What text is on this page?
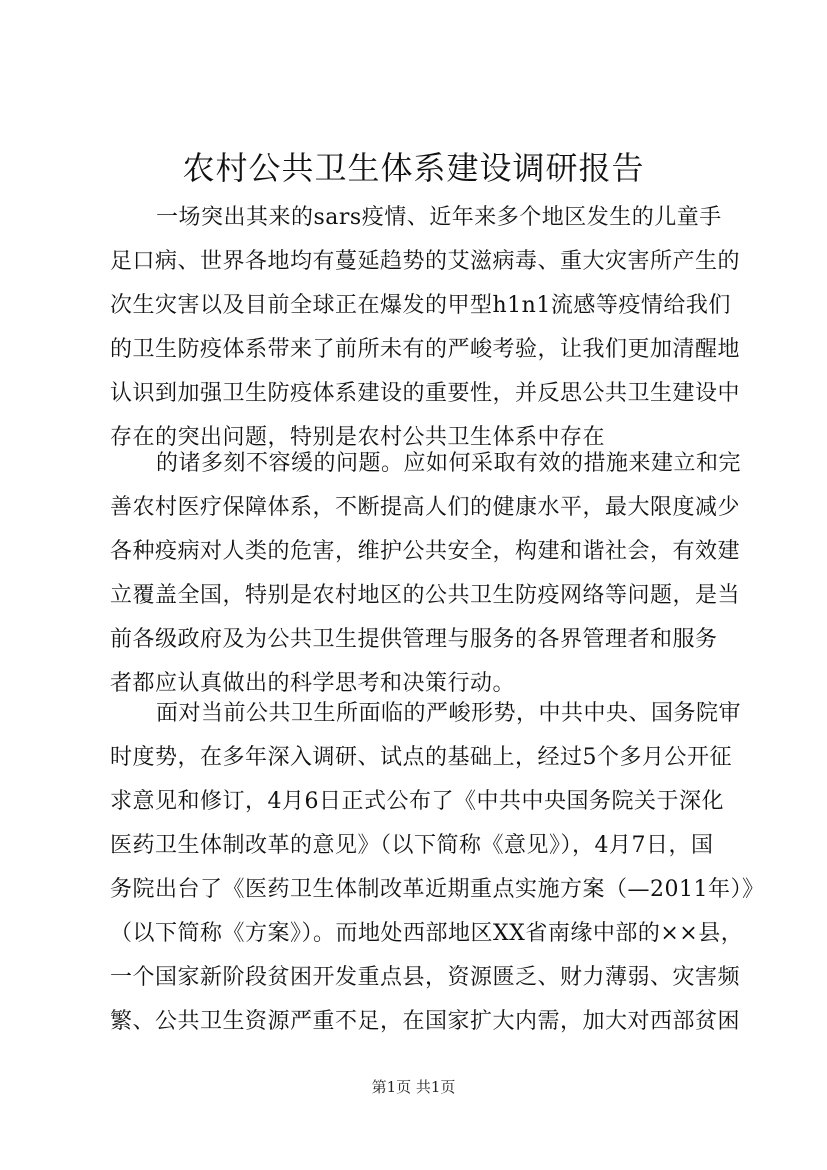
农村公共卫生体系建设调研报告
一场突出其来的sars疫情、近年来多个地区发生的儿童手
足口病、世界各地均有蔓延趋势的艾滋病毒、重大灾害所产生的
次生灾害以及目前全球正在爆发的甲型h1n1流感等疫情给我们
的卫生防疫体系带来了前所未有的严峻考验，让我们更加清醒地
认识到加强卫生防疫体系建设的重要性，并反思公共卫生建设中
存在的突出问题，特别是农村公共卫生体系中存在
的诸多刻不容缓的问题。应如何采取有效的措施来建立和完
善农村医疗保障体系，不断提高人们的健康水平，最大限度减少
各种疫病对人类的危害，维护公共安全，构建和谐社会，有效建
立覆盖全国，特别是农村地区的公共卫生防疫网络等问题，是当
前各级政府及为公共卫生提供管理与服务的各界管理者和服务
者都应认真做出的科学思考和决策行动。
面对当前公共卫生所面临的严峻形势，中共中央、国务院审
时度势，在多年深入调研、试点的基础上，经过5个多月公开征
求意见和修订，4月6日正式公布了《中共中央国务院关于深化
医药卫生体制改革的意见》（以下简称《意见》），4月7日，国
务院出台了《医药卫生体制改革近期重点实施方案（—2011年）》
（以下简称《方案》）。而地处西部地区XX省南缘中部的××县，
一个国家新阶段贫困开发重点县，资源匮乏、财力薄弱、灾害频
繁、公共卫生资源严重不足，在国家扩大内需，加大对西部贫困
第1页 共1页
